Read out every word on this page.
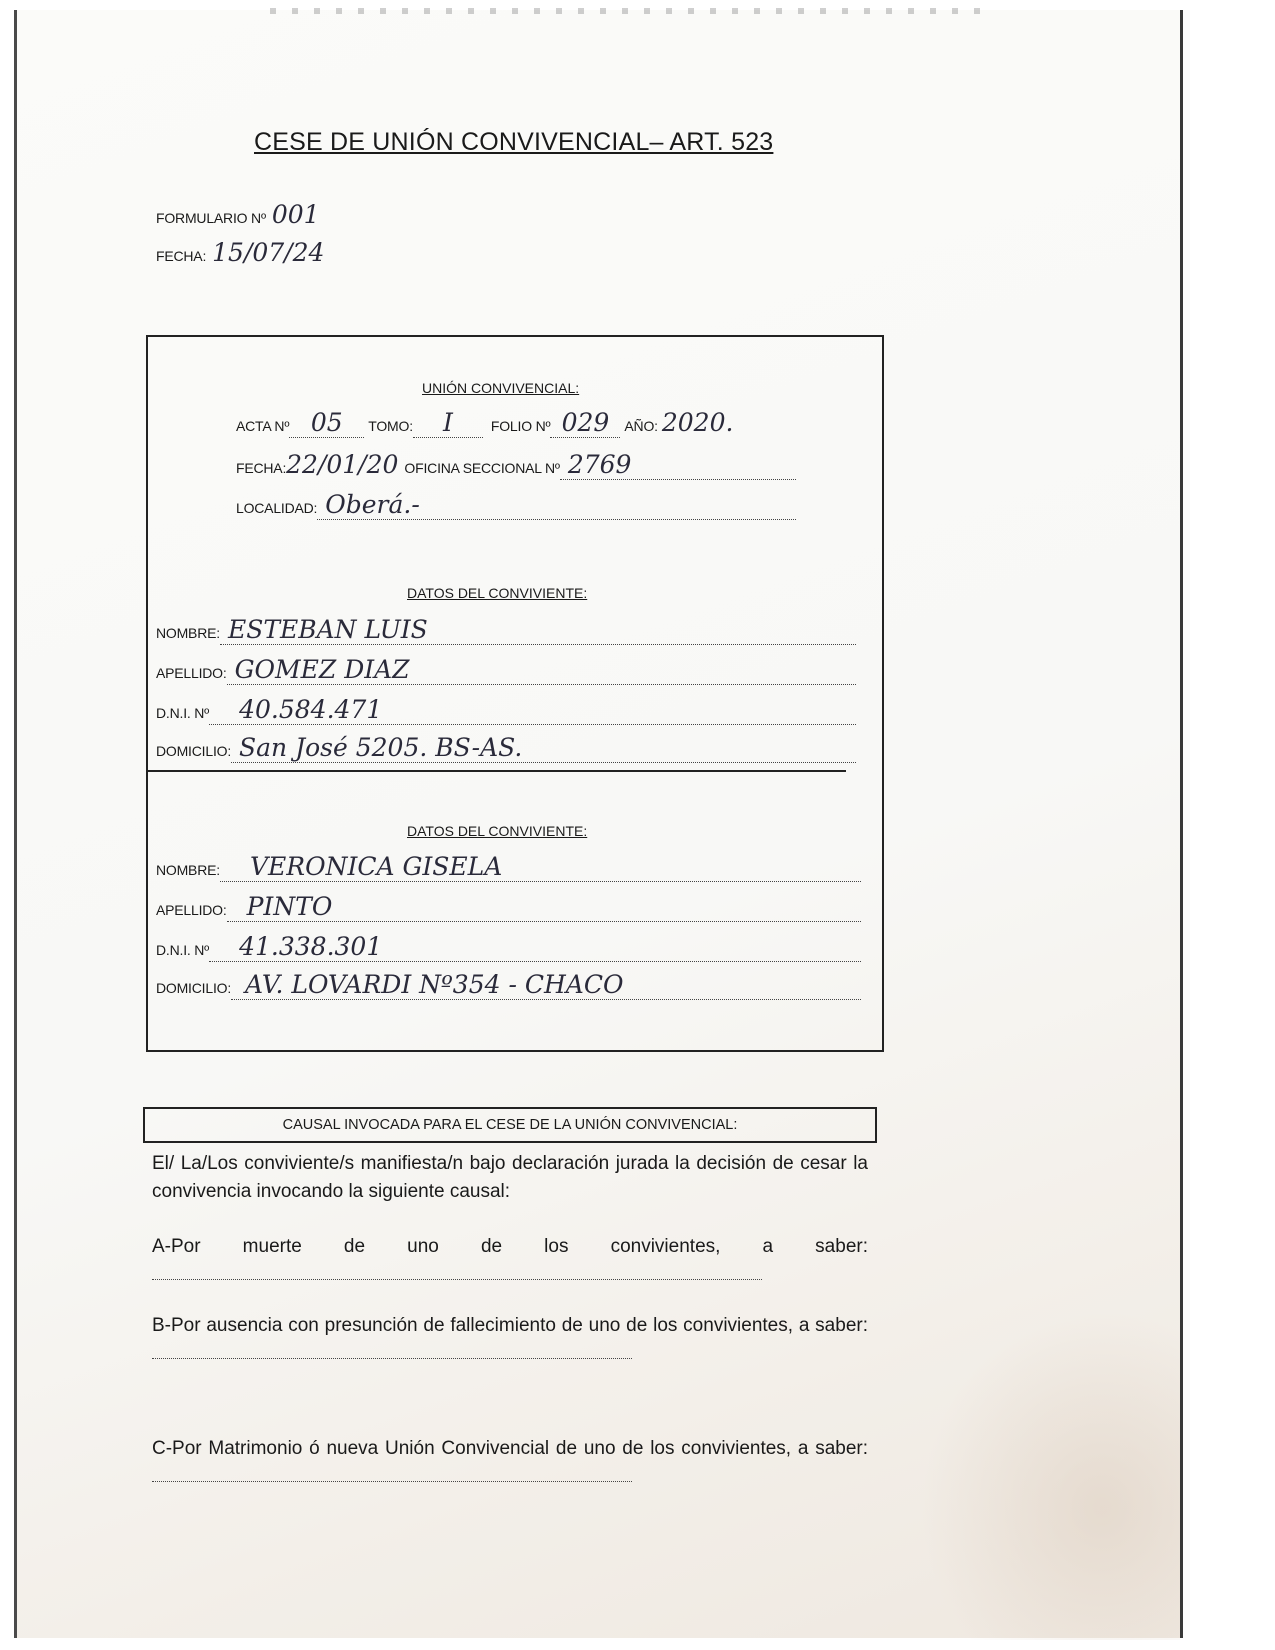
CESE DE UNIÓN CONVIVENCIAL– ART. 523
FORMULARIO Nº 001
FECHA: 15/07/24
UNIÓN CONVIVENCIAL:
ACTA Nº 05	TOMO:	I	FOLIO Nº 029	AÑO: 2020.
FECHA: 22/01/20 OFICINA SECCIONAL Nº 2769
LOCALIDAD: Oberá.-
DATOS DEL CONVIVIENTE:
NOMBRE: ESTEBAN LUIS
APELLIDO: GOMEZ DIAZ
D.N.I. Nº	40.584.471
DOMICILIO: San José 5205. BS-AS.
DATOS DEL CONVIVIENTE:
NOMBRE:	VERONICA GISELA
APELLIDO: PINTO
D.N.I. Nº	41.338.301
DOMICILIO: AV. LOVARDI Nº354 - CHACO
CAUSAL INVOCADA PARA EL CESE DE LA UNIÓN CONVIVENCIAL:
El/ La/Los conviviente/s manifiesta/n bajo declaración jurada la decisión de cesar la convivencia invocando la siguiente causal:
A-Por muerte de uno de los convivientes, a saber:
B-Por ausencia con presunción de fallecimiento de uno de los convivientes, a saber:
C-Por Matrimonio ó nueva Unión Convivencial de uno de los convivientes, a saber:
